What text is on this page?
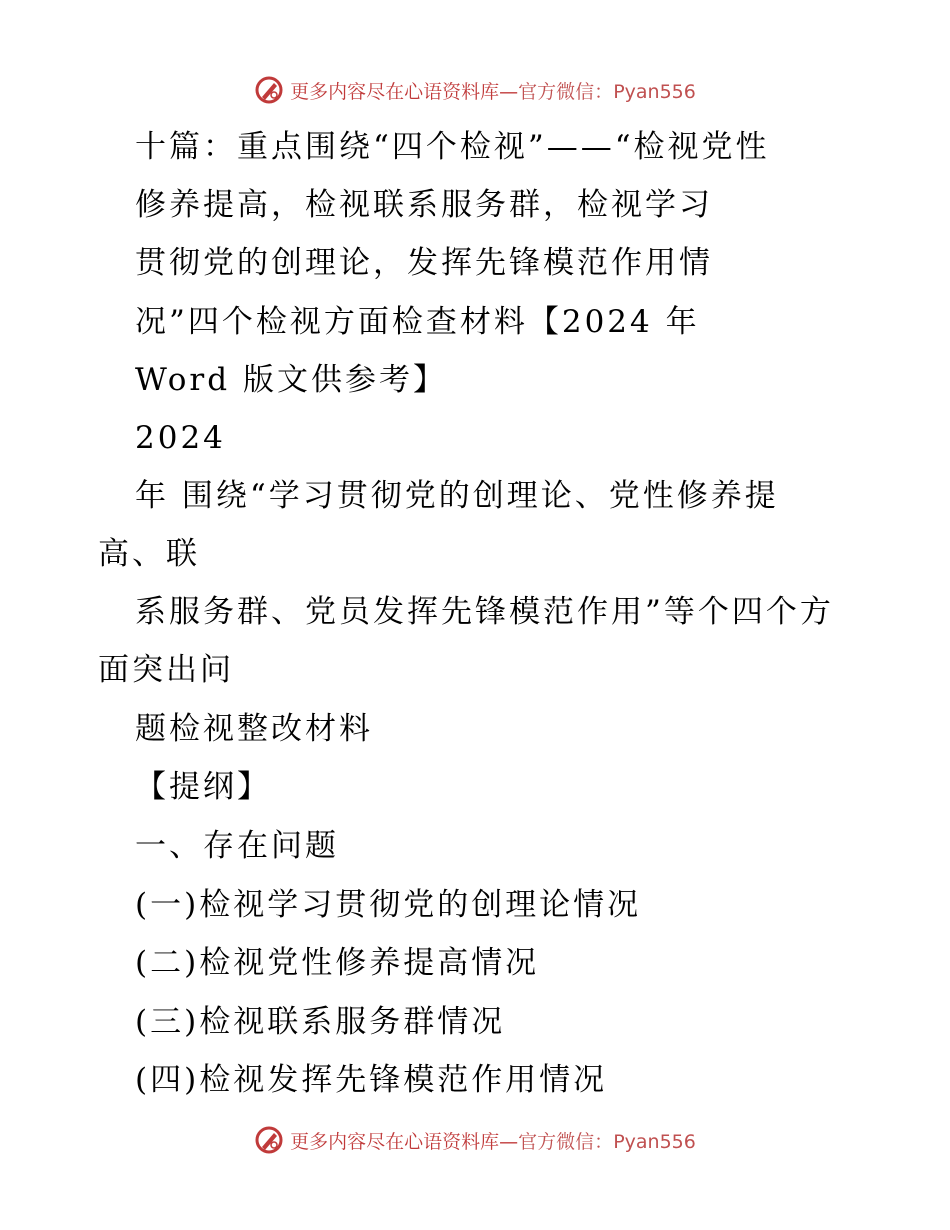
更多内容尽在心语资料库—官方微信：Pyan556
十篇：重点围绕“四个检视”——“检视党性
修养提高，检视联系服务群，检视学习
贯彻党的创理论，发挥先锋模范作用情
况”四个检视方面检查材料【2024 年
Word 版文供参考】
2024
年 围绕“学习贯彻党的创理论、党性修养提
高、联
系服务群、党员发挥先锋模范作用”等个四个方
面突出问
题检视整改材料
【提纲】
一、存在问题
(一)检视学习贯彻党的创理论情况
(二)检视党性修养提高情况
(三)检视联系服务群情况
(四)检视发挥先锋模范作用情况
更多内容尽在心语资料库—官方微信：Pyan556
